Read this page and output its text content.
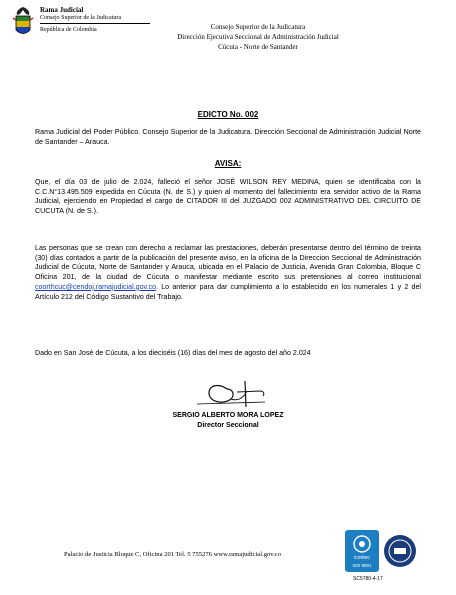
Rama Judicial
Consejo Superior de la Judicatura
República de Colombia	Consejo Superior de la Judicatura
Dirección Ejecutiva Seccional de Administración Judicial
Cúcuta - Norte de Santander
EDICTO No. 002
Rama Judicial del Poder Público. Consejo Superior de la Judicatura. Dirección Seccional de Administración Judicial Norte de Santander – Arauca.
AVISA:
Que, el día 03 de julio de 2.024, falleció el señor JOSÉ WILSON REY MEDINA, quien se identificaba con la C.C.N°13.495.509 expedida en Cúcuta (N. de S.) y quien al momento del fallecimiento era servidor activo de la Rama Judicial, ejerciendo en Propiedad el cargo de CITADOR III del JUZGADO 002 ADMINISTRATIVO DEL CIRCUITO DE CUCUTA (N. de S.).
Las personas que se crean con derecho a reclamar las prestaciones, deberán presentarse dentro del término de treinta (30) días contados a partir de la publicación del presente aviso, en la oficina de la Direccion Seccional de Administración Judicial de Cúcuta, Norte de Santander y Arauca, ubicada en el Palacio de Justicia, Avenida Gran Colombia, Bloque C Oficina 201, de la ciudad de Cúcuta o manifestar mediante escrito sus pretensiones al correo institucional coorthcuc@cendoj.ramajudicial.gov.co. Lo anterior para dar cumplimiento a lo establecido en los numerales 1 y 2 del Artículo 212 del Código Sustantivo del Trabajo.
Dado en San José de Cúcuta, a los dieciséis (16) días del mes de agosto del año 2.024
SERGIO ALBERTO MORA LOPEZ
Director Seccional
Palacio de Justicia Bloque C, Oficina 201 Tel. 5 755276 www.ramajudicial.gov.co	icontec
ISO 9001
SC5780-4-17
